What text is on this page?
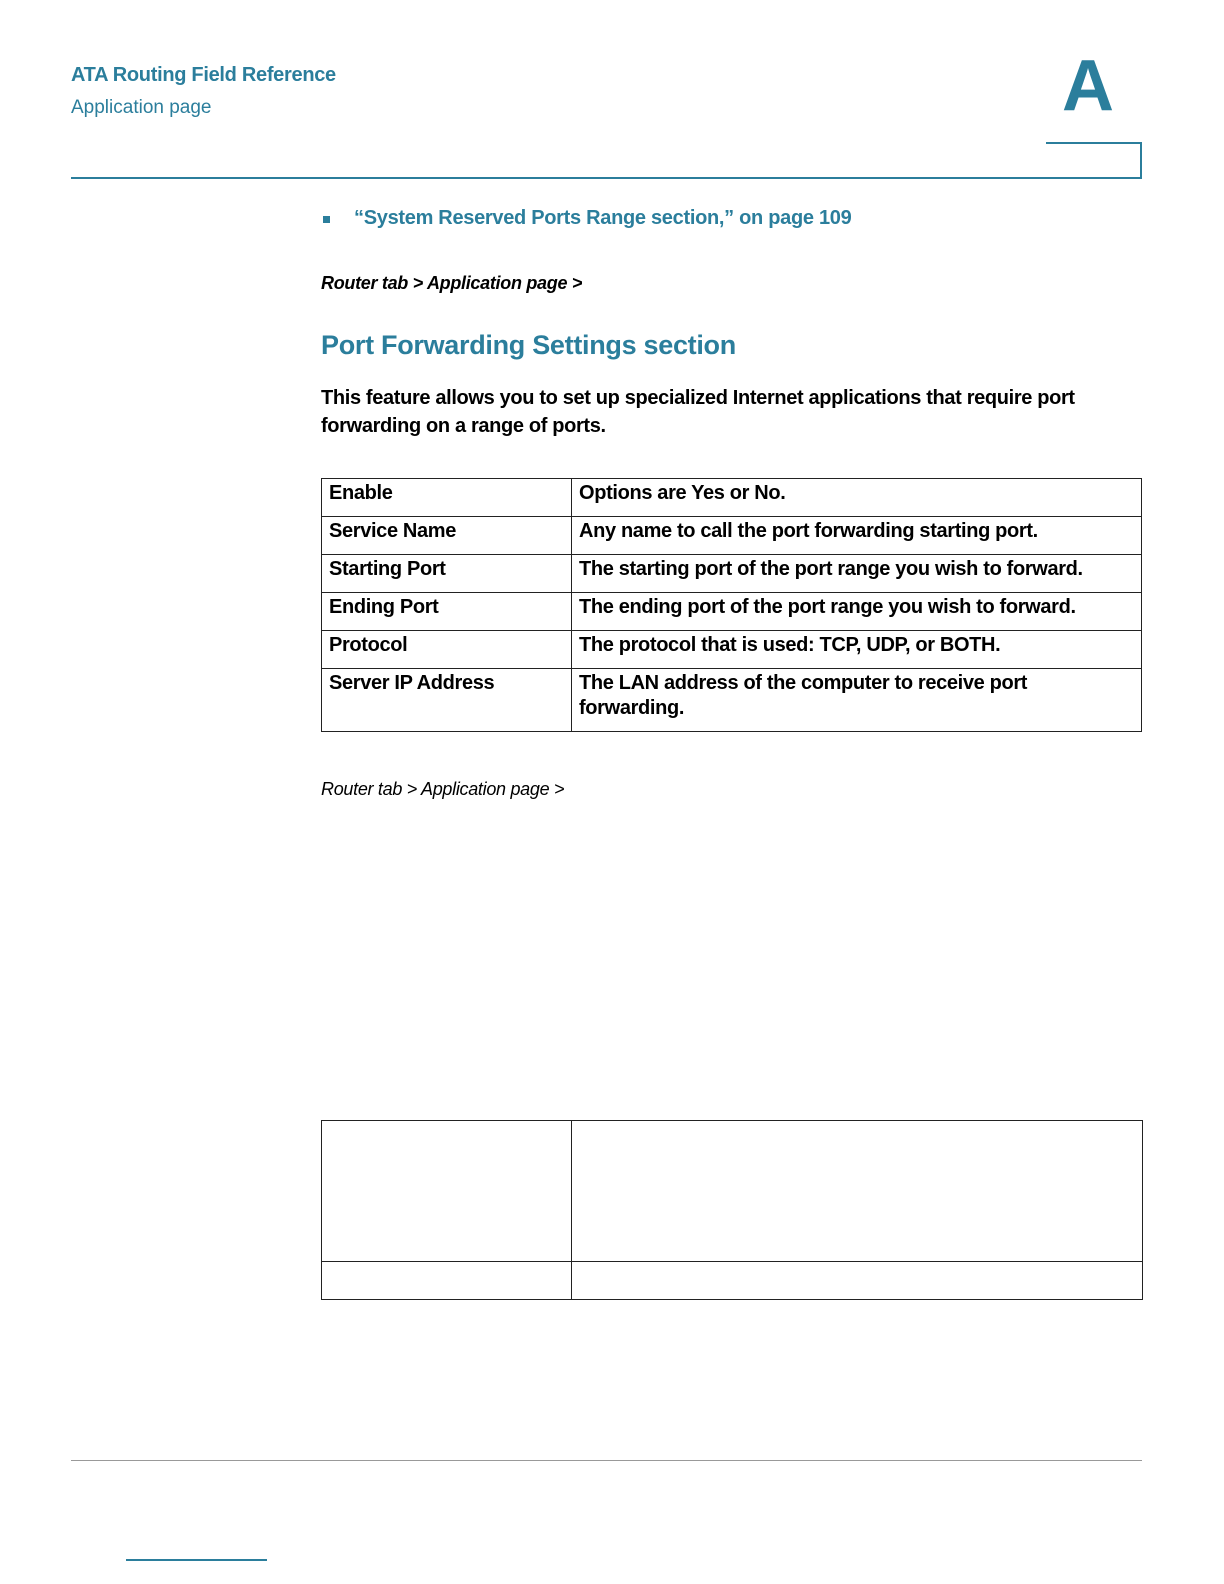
ATA Routing Field Reference
Application page	A
“System Reserved Ports Range section,” on page 109
Router tab > Application page >
Port Forwarding Settings section
This feature allows you to set up specialized Internet applications that require port forwarding on a range of ports.
Enable	Options are Yes or No.
Service Name	Any name to call the port forwarding starting port.
Starting Port	The starting port of the port range you wish to forward.
Ending Port	The ending port of the port range you wish to forward.
Protocol	The protocol that is used: TCP, UDP, or BOTH.
Server IP Address	The LAN address of the computer to receive port forwarding.
Router tab > Application page >
